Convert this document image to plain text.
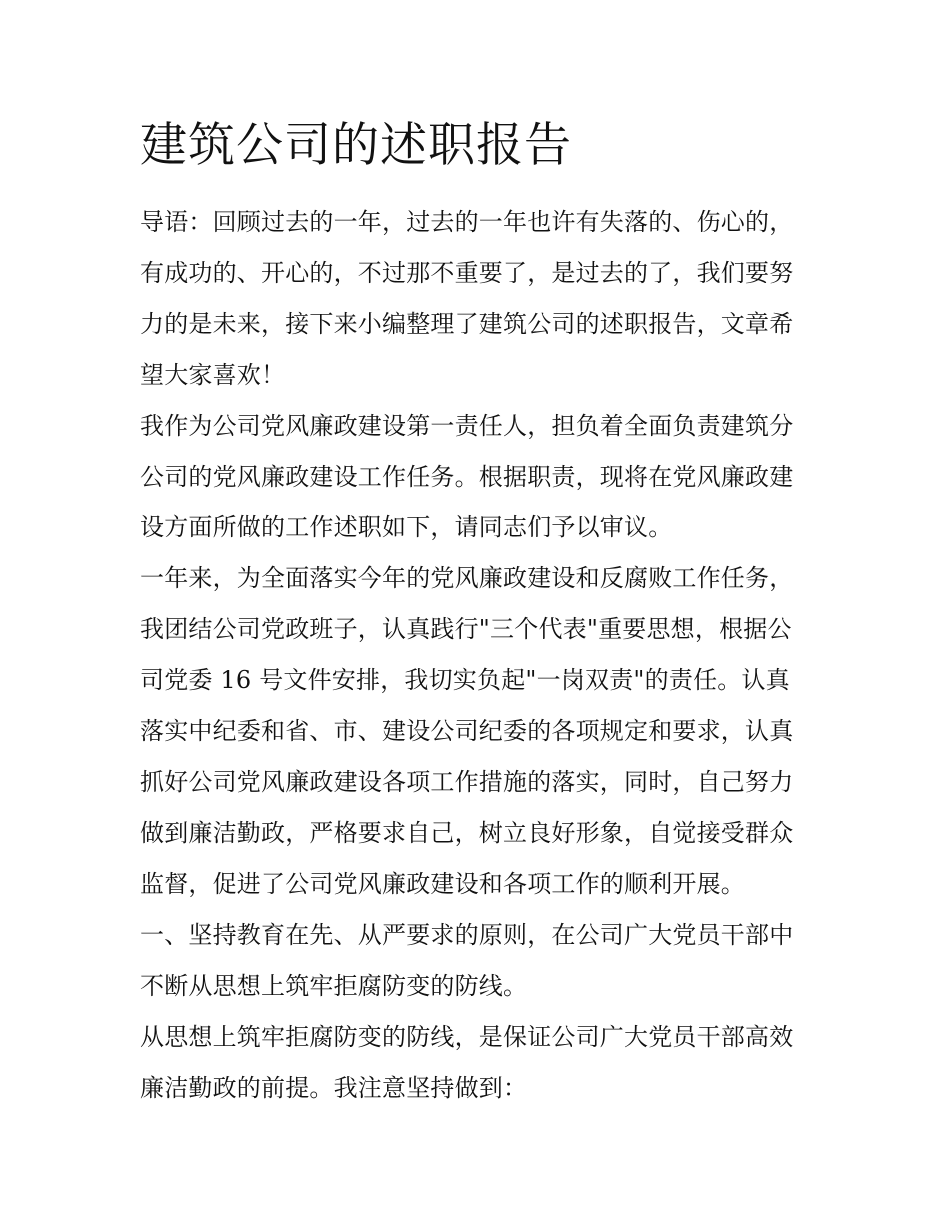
建筑公司的述职报告

导语：回顾过去的一年，过去的一年也许有失落的、伤心的，

有成功的、开心的，不过那不重要了，是过去的了，我们要努

力的是未来，接下来小编整理了建筑公司的述职报告，文章希

望大家喜欢！

我作为公司党风廉政建设第一责任人，担负着全面负责建筑分

公司的党风廉政建设工作任务。根据职责，现将在党风廉政建

设方面所做的工作述职如下，请同志们予以审议。

一年来，为全面落实今年的党风廉政建设和反腐败工作任务，

我团结公司党政班子，认真践行"三个代表"重要思想，根据公

司党委 16 号文件安排，我切实负起"一岗双责"的责任。认真

落实中纪委和省、市、建设公司纪委的各项规定和要求，认真

抓好公司党风廉政建设各项工作措施的落实，同时，自己努力

做到廉洁勤政，严格要求自己，树立良好形象，自觉接受群众

监督，促进了公司党风廉政建设和各项工作的顺利开展。

一、坚持教育在先、从严要求的原则，在公司广大党员干部中

不断从思想上筑牢拒腐防变的防线。

从思想上筑牢拒腐防变的防线，是保证公司广大党员干部高效

廉洁勤政的前提。我注意坚持做到：
